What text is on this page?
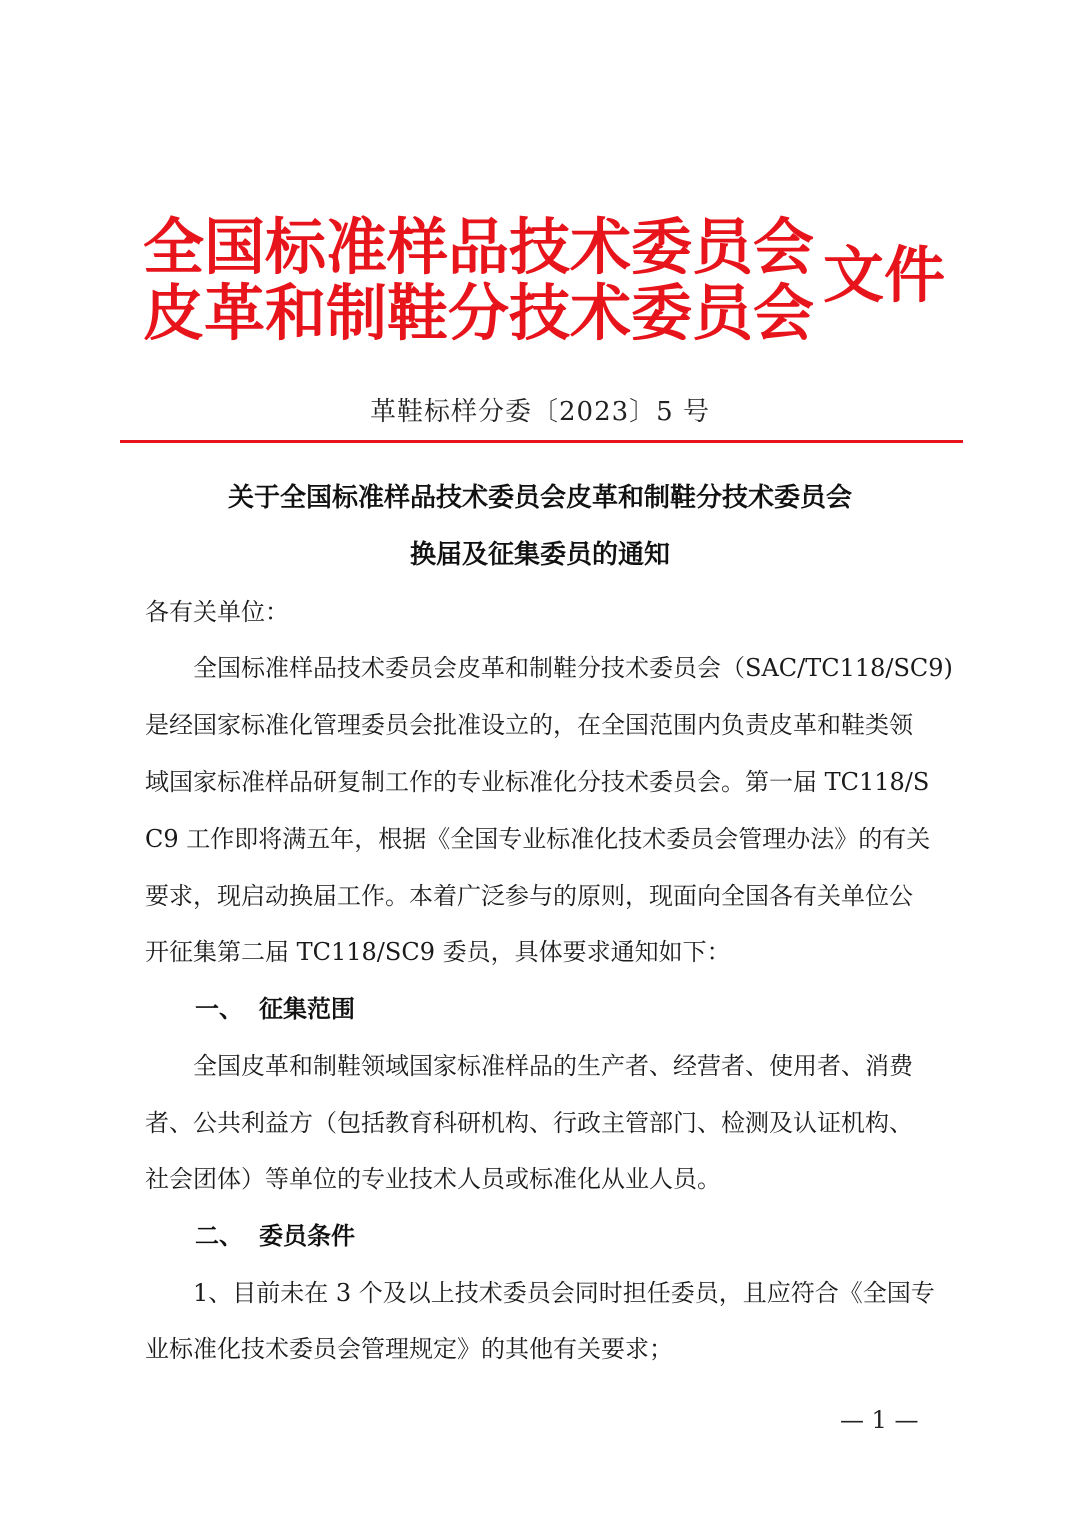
全国标准样品技术委员会
皮革和制鞋分技术委员会
文件
革鞋标样分委〔2023〕5 号
关于全国标准样品技术委员会皮革和制鞋分技术委员会
换届及征集委员的通知
各有关单位：
　　全国标准样品技术委员会皮革和制鞋分技术委员会（SAC/TC118/SC9)
是经国家标准化管理委员会批准设立的，在全国范围内负责皮革和鞋类领
域国家标准样品研复制工作的专业标准化分技术委员会。第一届 TC118/S
C9 工作即将满五年，根据《全国专业标准化技术委员会管理办法》的有关
要求，现启动换届工作。本着广泛参与的原则，现面向全国各有关单位公
开征集第二届 TC118/SC9 委员，具体要求通知如下：
一、 征集范围
　　全国皮革和制鞋领域国家标准样品的生产者、经营者、使用者、消费
者、公共利益方（包括教育科研机构、行政主管部门、检测及认证机构、
社会团体）等单位的专业技术人员或标准化从业人员。
二、 委员条件
　　1、目前未在 3 个及以上技术委员会同时担任委员，且应符合《全国专
业标准化技术委员会管理规定》的其他有关要求；
— 1 —
